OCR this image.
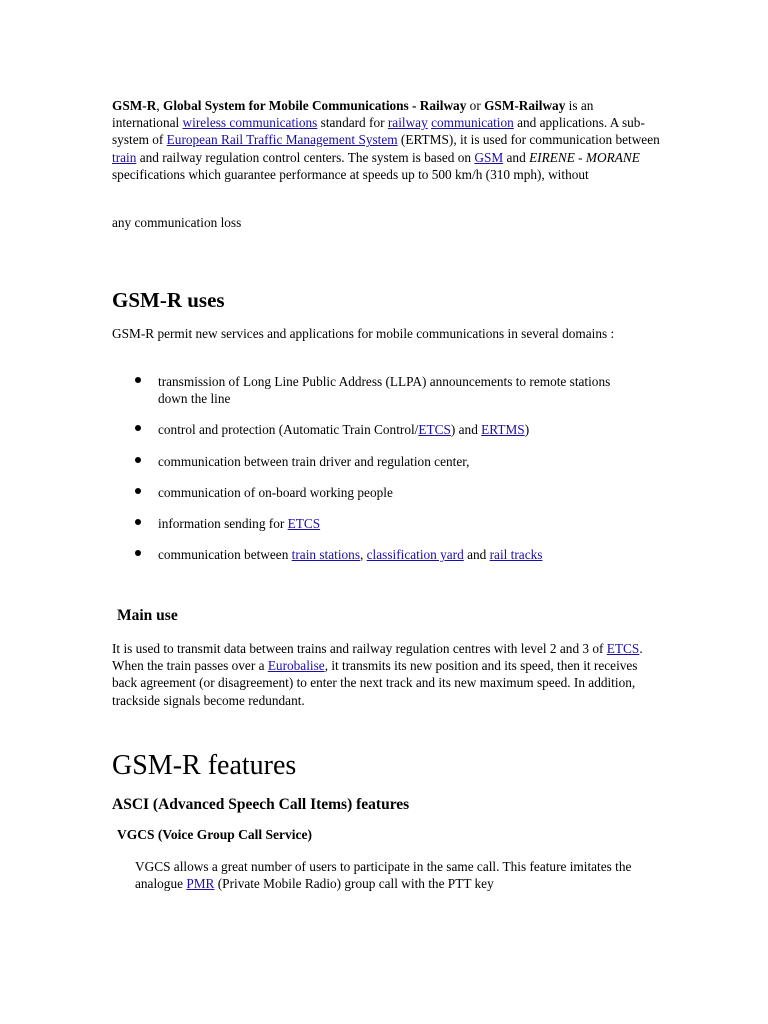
GSM-R, Global System for Mobile Communications - Railway or GSM-Railway is an international wireless communications standard for railway communication and applications. A sub-system of European Rail Traffic Management System (ERTMS), it is used for communication between train and railway regulation control centers. The system is based on GSM and EIRENE - MORANE specifications which guarantee performance at speeds up to 500 km/h (310 mph), without

any communication loss

GSM-R uses

GSM-R permit new services and applications for mobile communications in several domains :

transmission of Long Line Public Address (LLPA) announcements to remote stations down the line
control and protection (Automatic Train Control/ETCS) and ERTMS)
communication between train driver and regulation center,
communication of on-board working people
information sending for ETCS
communication between train stations, classification yard and rail tracks
Main use

It is used to transmit data between trains and railway regulation centres with level 2 and 3 of ETCS. When the train passes over a Eurobalise, it transmits its new position and its speed, then it receives back agreement (or disagreement) to enter the next track and its new maximum speed. In addition, trackside signals become redundant.

GSM-R features
ASCI (Advanced Speech Call Items) features
VGCS (Voice Group Call Service)

VGCS allows a great number of users to participate in the same call. This feature imitates the analogue PMR (Private Mobile Radio) group call with the PTT key
